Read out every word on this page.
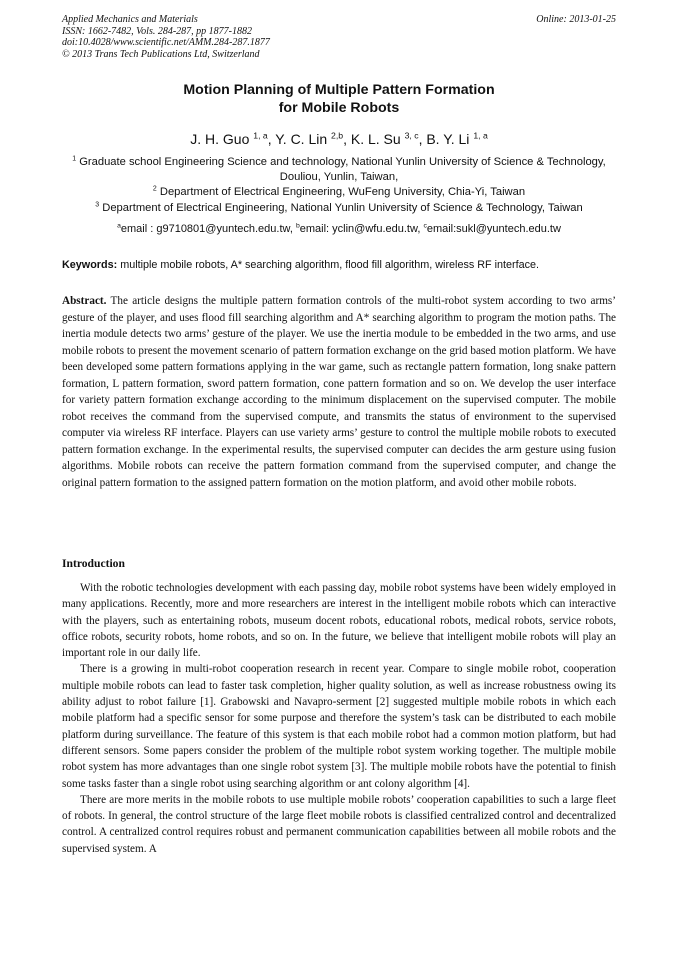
Applied Mechanics and Materials
ISSN: 1662-7482, Vols. 284-287, pp 1877-1882
doi:10.4028/www.scientific.net/AMM.284-287.1877
© 2013 Trans Tech Publications Ltd, Switzerland
Online: 2013-01-25
Motion Planning of Multiple Pattern Formation
for Mobile Robots
J. H. Guo $^{1, a}$, Y. C. Lin $^{2,b}$, K. L. Su $^{3, c}$, B. Y. Li $^{1, a}$
$^1$ Graduate school Engineering Science and technology, National Yunlin University of Science & Technology, Douliou, Yunlin, Taiwan,
$^2$ Department of Electrical Engineering, WuFeng University, Chia-Yi, Taiwan
$^3$ Department of Electrical Engineering, National Yunlin University of Science & Technology, Taiwan
$^a$email : g9710801@yuntech.edu.tw, $^b$email: yclin@wfu.edu.tw, $^c$email:sukl@yuntech.edu.tw
Keywords: multiple mobile robots, A* searching algorithm, flood fill algorithm, wireless RF interface.
Abstract. The article designs the multiple pattern formation controls of the multi-robot system according to two arms’ gesture of the player, and uses flood fill searching algorithm and A* searching algorithm to program the motion paths. The inertia module detects two arms’ gesture of the player. We use the inertia module to be embedded in the two arms, and use mobile robots to present the movement scenario of pattern formation exchange on the grid based motion platform. We have been developed some pattern formations applying in the war game, such as rectangle pattern formation, long snake pattern formation, L pattern formation, sword pattern formation, cone pattern formation and so on. We develop the user interface for variety pattern formation exchange according to the minimum displacement on the supervised computer. The mobile robot receives the command from the supervised compute, and transmits the status of environment to the supervised computer via wireless RF interface. Players can use variety arms’ gesture to control the multiple mobile robots to executed pattern formation exchange. In the experimental results, the supervised computer can decides the arm gesture using fusion algorithms. Mobile robots can receive the pattern formation command from the supervised computer, and change the original pattern formation to the assigned pattern formation on the motion platform, and avoid other mobile robots.
Introduction

With the robotic technologies development with each passing day, mobile robot systems have been widely employed in many applications. Recently, more and more researchers are interest in the intelligent mobile robots which can interactive with the players, such as entertaining robots, museum docent robots, educational robots, medical robots, service robots, office robots, security robots, home robots, and so on. In the future, we believe that intelligent mobile robots will play an important role in our daily life.

There is a growing in multi-robot cooperation research in recent year. Compare to single mobile robot, cooperation multiple mobile robots can lead to faster task completion, higher quality solution, as well as increase robustness owing its ability adjust to robot failure [1]. Grabowski and Navapro-serment [2] suggested multiple mobile robots in which each mobile platform had a specific sensor for some purpose and therefore the system’s task can be distributed to each mobile platform during surveillance. The feature of this system is that each mobile robot had a common motion platform, but had different sensors. Some papers consider the problem of the multiple robot system working together. The multiple mobile robot system has more advantages than one single robot system [3]. The multiple mobile robots have the potential to finish some tasks faster than a single robot using searching algorithm or ant colony algorithm [4].

There are more merits in the mobile robots to use multiple mobile robots’ cooperation capabilities to such a large fleet of robots. In general, the control structure of the large fleet mobile robots is classified centralized control and decentralized control. A centralized control requires robust and permanent communication capabilities between all mobile robots and the supervised system. A
